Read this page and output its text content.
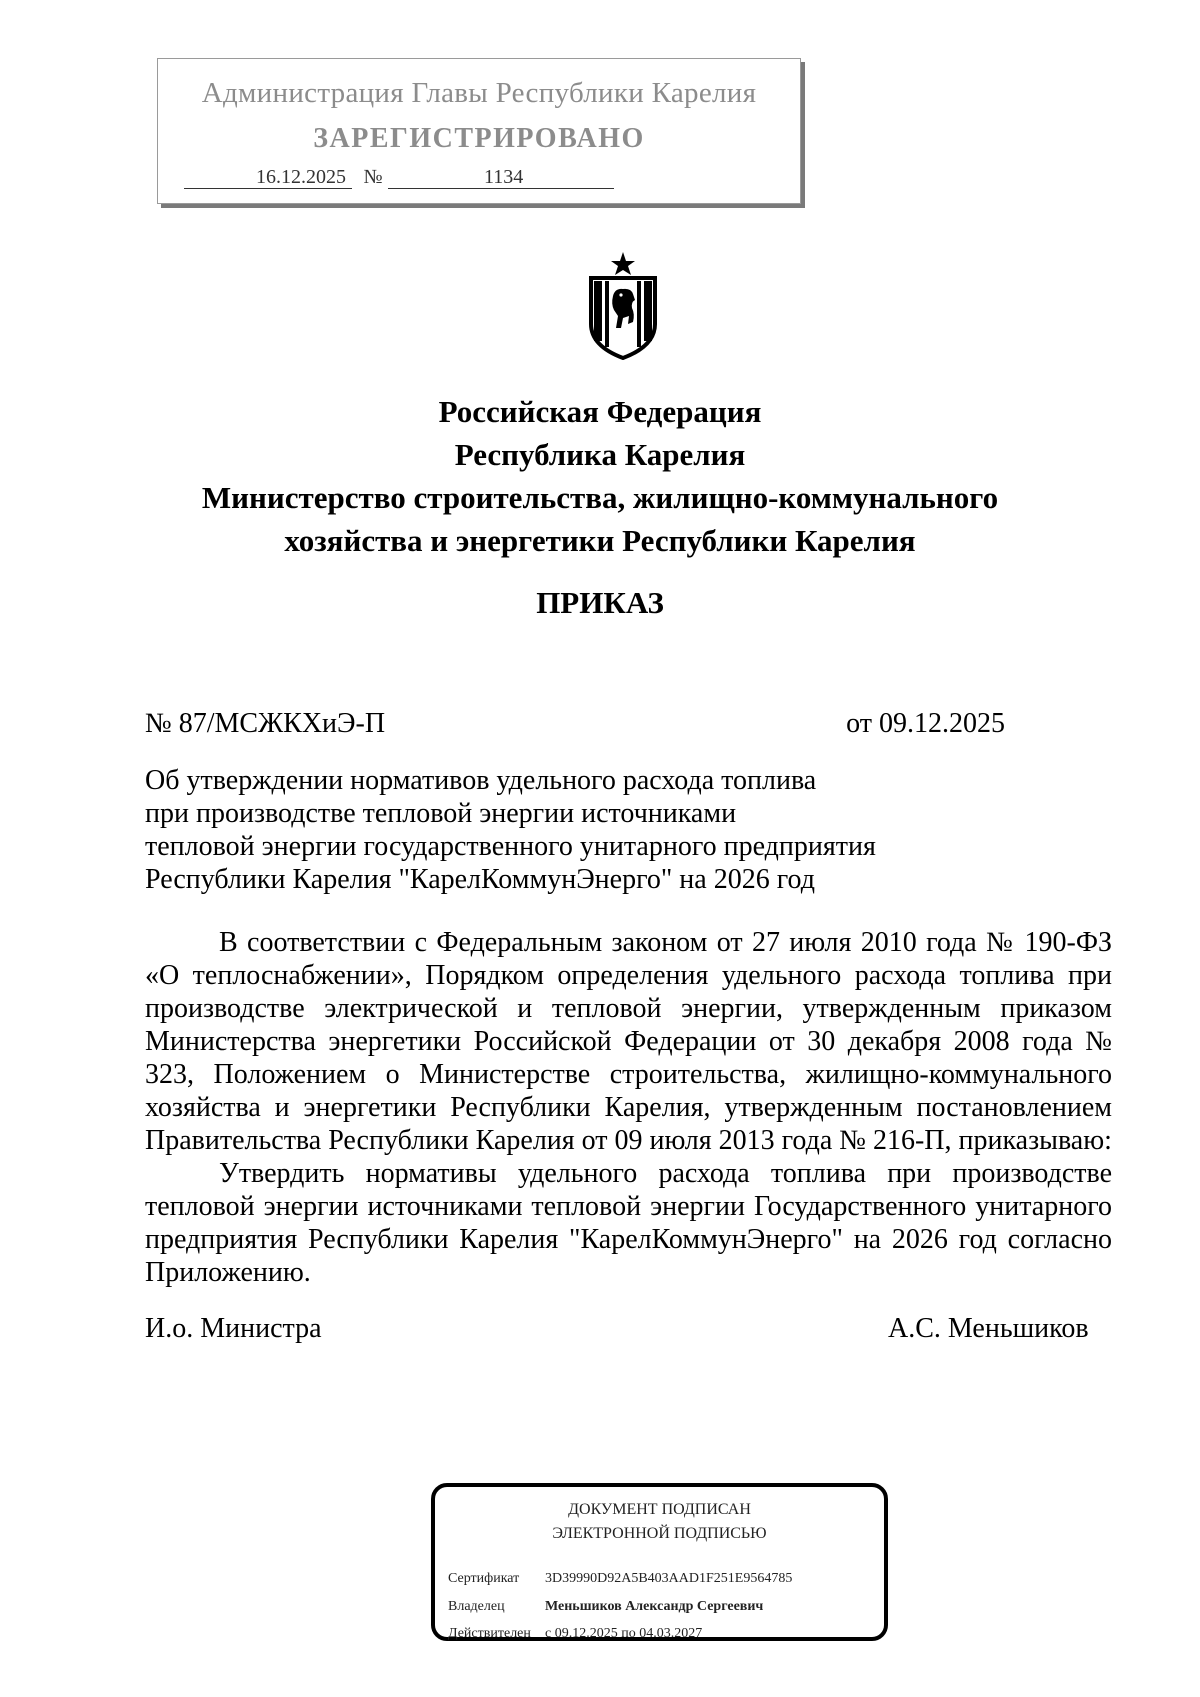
Администрация Главы Республики Карелия
ЗАРЕГИСТРИРОВАНО
16.12.2025 №	1134
Российская Федерация
Республика Карелия
Министерство строительства, жилищно-коммунального
хозяйства и энергетики Республики Карелия
ПРИКАЗ
№ 87/МСЖКХиЭ-П	от 09.12.2025
Об утверждении нормативов удельного расхода топлива
при производстве тепловой энергии источниками
тепловой энергии государственного унитарного предприятия
Республики Карелия "КарелКоммунЭнерго" на 2026 год

В соответствии с Федеральным законом от 27 июля 2010 года № 190-ФЗ «О теплоснабжении», Порядком определения удельного расхода топлива при производстве электрической и тепловой энергии, утвержденным приказом Министерства энергетики Российской Федерации от 30 декабря 2008 года № 323, Положением о Министерстве строительства, жилищно-коммунального хозяйства и энергетики Республики Карелия, утвержденным постановлением Правительства Республики Карелия от 09 июля 2013 года № 216-П, приказываю:

Утвердить нормативы удельного расхода топлива при производстве тепловой энергии источниками тепловой энергии Государственного унитарного предприятия Республики Карелия "КарелКоммунЭнерго" на 2026 год согласно Приложению.

И.о. Министра	А.С. Меньшиков
ДОКУМЕНТ ПОДПИСАН
ЭЛЕКТРОННОЙ ПОДПИСЬЮ
Сертификат 3D39990D92A5B403AAD1F251E9564785
Владелец	Меньшиков Александр Сергеевич
Действителен с 09.12.2025 по 04.03.2027
